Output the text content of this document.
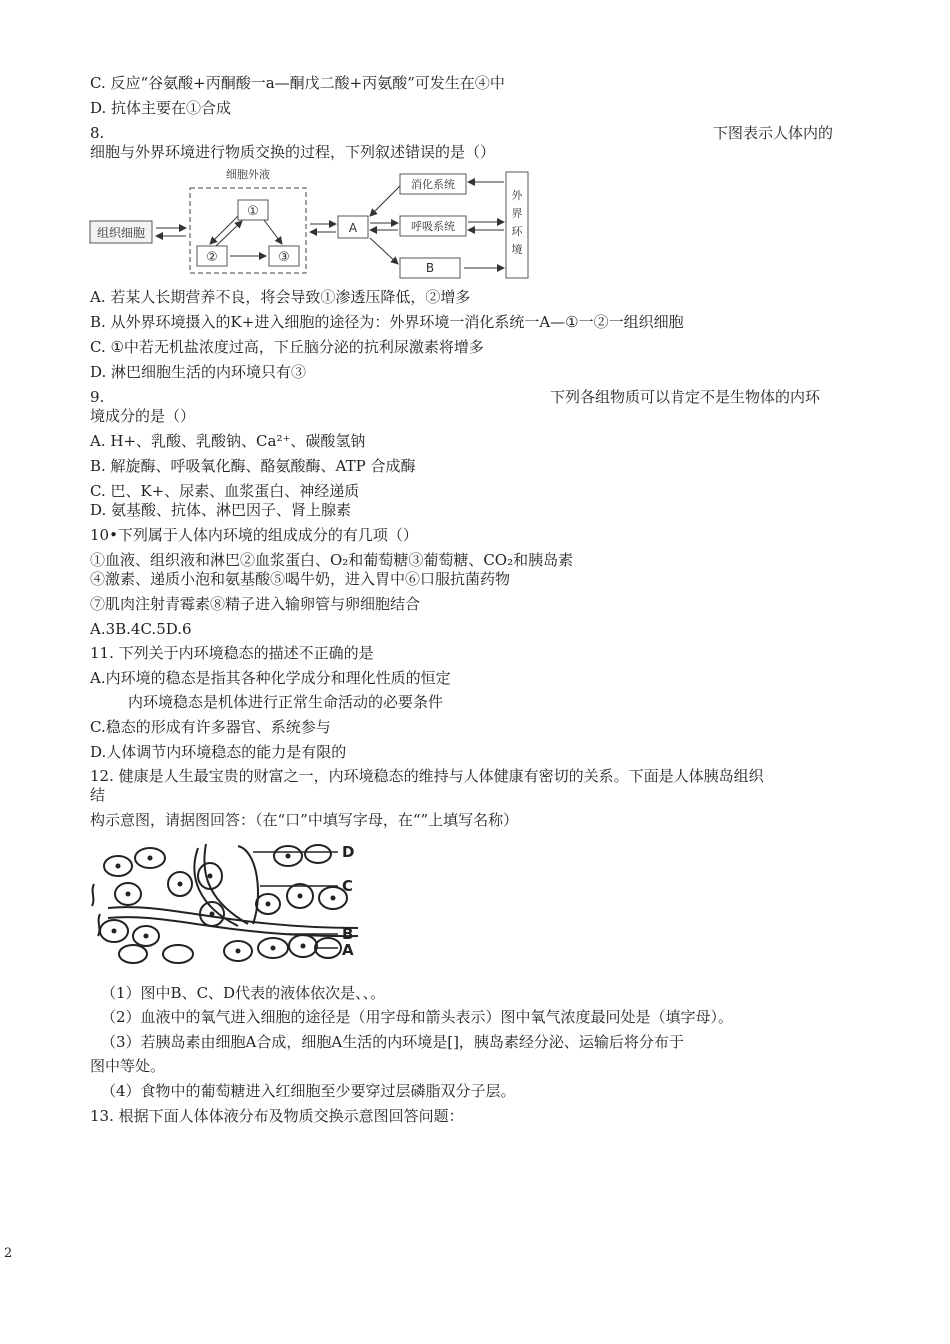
C. 反应“谷氨酸+丙酮酸一a—酮戊二酸+丙氨酸”可发生在④中
D. 抗体主要在①合成
8.	下图表示人体内的
细胞与外界环境进行物质交换的过程，下列叙述错误的是（）
组织细胞
细胞外液
①
②	③
A
消化系统
呼吸系统
B
外
界
环
境
A. 若某人长期营养不良，将会导致①渗透压降低，②增多
B. 从外界环境摄入的K+进入细胞的途径为：外界环境一消化系统一A—①一②一组织细胞
C. ①中若无机盐浓度过高，下丘脑分泌的抗利尿激素将增多
D. 淋巴细胞生活的内环境只有③
9.	下列各组物质可以肯定不是生物体的内环
境成分的是（）
A. H+、乳酸、乳酸钠、Ca²⁺、碳酸氢钠
B. 解旋酶、呼吸氧化酶、酪氨酸酶、ATP 合成酶
C. 巴、K+、尿素、血浆蛋白、神经递质
D. 氨基酸、抗体、淋巴因子、肾上腺素
10•下列属于人体内环境的组成成分的有几项（）
①血液、组织液和淋巴②血浆蛋白、O₂和葡萄糖③葡萄糖、CO₂和胰岛素
④激素、递质小泡和氨基酸⑤喝牛奶，进入胃中⑥口服抗菌药物
⑦肌肉注射青霉素⑧精子进入输卵管与卵细胞结合
A.3B.4C.5D.6
11. 下列关于内环境稳态的描述不正确的是
A.内环境的稳态是指其各种化学成分和理化性质的恒定
内环境稳态是机体进行正常生命活动的必要条件
C.稳态的形成有许多器官、系统参与
D.人体调节内环境稳态的能力是有限的
12. 健康是人生最宝贵的财富之一，内环境稳态的维持与人体健康有密切的关系。下面是人体胰岛组织
结
构示意图，请据图回答：（在“口”中填写字母，在“”上填写名称）
D
C
B
A
（1）图中B、C、D代表的液体依次是、、。
（2）血液中的氧气进入细胞的途径是（用字母和箭头表示）图中氧气浓度最冋处是（填字母）。
（3）若胰岛素由细胞A合成，细胞A生活的内环境是[]，胰岛素经分泌、运输后将分布于
图中等处。
（4）食物中的葡萄糖进入红细胞至少要穿过层磷脂双分子层。
13. 根据下面人体体液分布及物质交换示意图回答问题：
2
